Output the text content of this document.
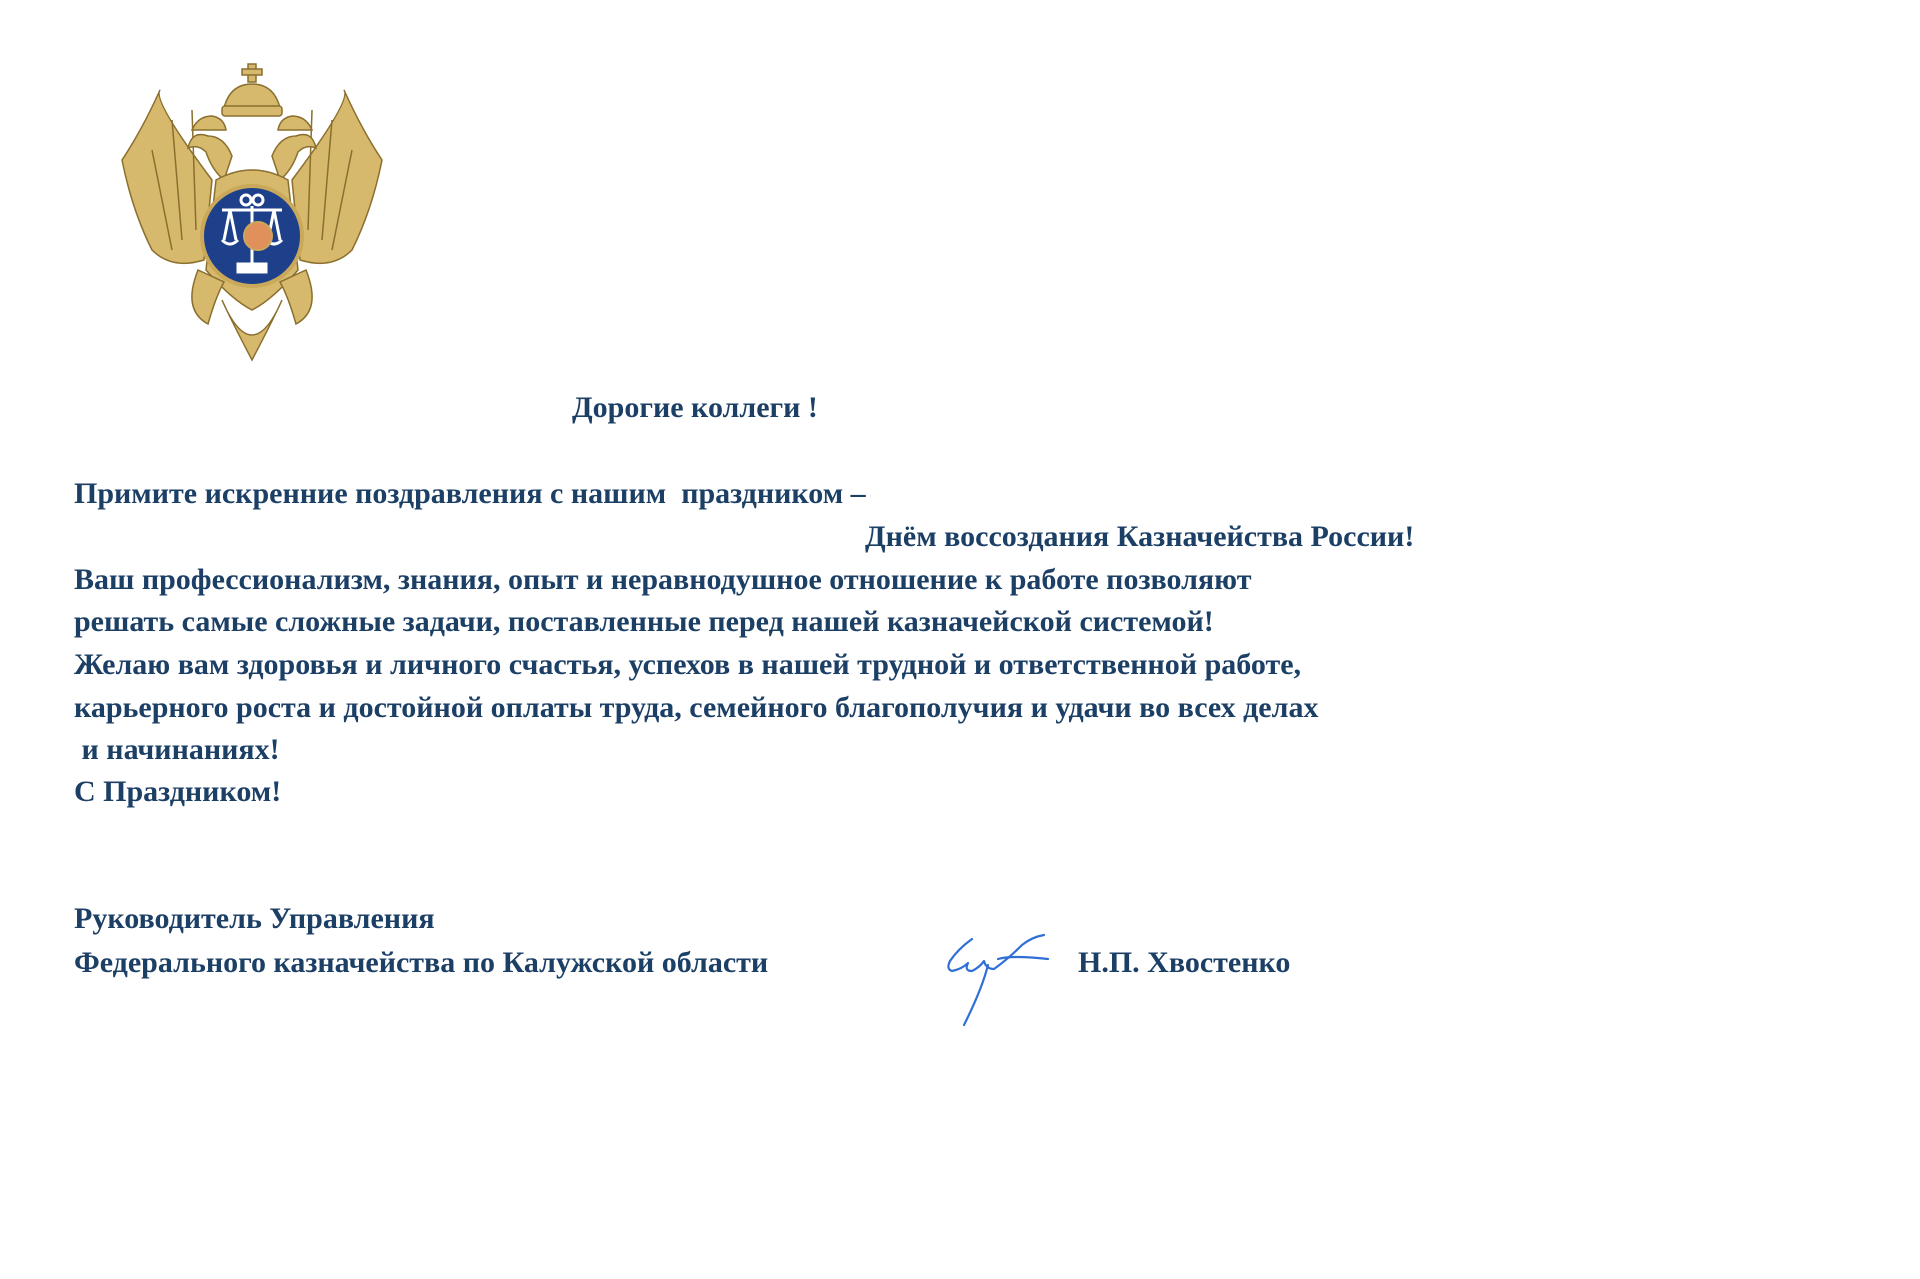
Дорогие коллеги !
Примите искренние поздравления с нашим  праздником –
Днём воссоздания Казначейства России!
Ваш профессионализм, знания, опыт и неравнодушное отношение к работе позволяют
решать самые сложные задачи, поставленные перед нашей казначейской системой!
Желаю вам здоровья и личного счастья, успехов в нашей трудной и ответственной работе,
карьерного роста и достойной оплаты труда, семейного благополучия и удачи во всех делах
и начинаниях!
С Праздником!
Руководитель Управления
Федерального казначейства по Калужской области	Н.П. Хвостенко
